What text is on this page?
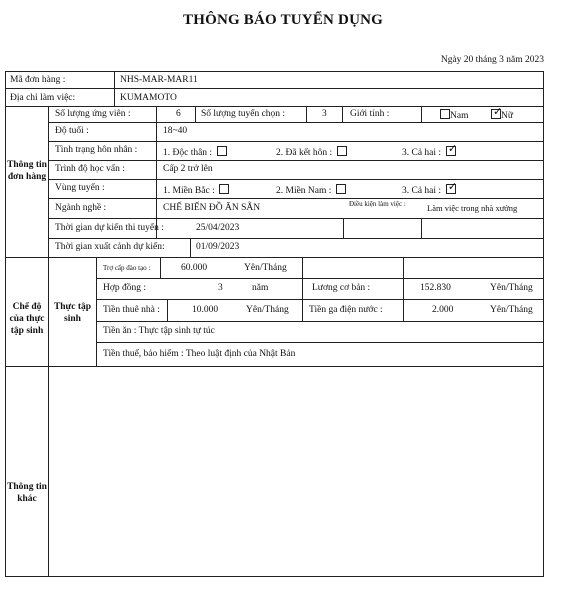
THÔNG BÁO TUYỂN DỤNG
Ngày 20 tháng 3 năm 2023
Mã đơn hàng :	NHS-MAR-MAR11
Địa chỉ làm việc:	KUMAMOTO
Thông tin đơn hàng
Số lượng ứng viên :	6 Số lượng tuyển chọn :	3 Giới tính :	Nam
✓	Nữ
Độ tuổi :	18~40
Tình trạng hôn nhân :	1. Độc thân :	2. Đã kết hôn :	3. Cả hai :  ✓
Trình độ học vấn :	Cấp 2 trở lên
Vùng tuyển :	1. Miền Bắc :	2. Miền Nam :	3. Cả hai :  ✓
Ngành nghề :	CHẾ BIẾN ĐỒ ĂN SẴN	Điều kiện làm việc :	Làm việc trong nhà xưởng
Thời gian dự kiến thi tuyển :	25/04/2023
Thời gian xuất cảnh dự kiến:	01/09/2023
Chế độ của thực tập sinh
Thực tập sinh
Trợ cấp đào tạo :	60.000	Yên/Tháng
Hợp đồng :	3	năm	Lương cơ bản :	152.830	Yên/Tháng
Tiền thuê nhà :	10.000	Yên/Tháng Tiền ga điện nước :	2.000	Yên/Tháng
Tiền ăn : Thực tập sinh tự túc
Tiền thuế, bảo hiểm : Theo luật định của Nhật Bản
Thông tin khác
